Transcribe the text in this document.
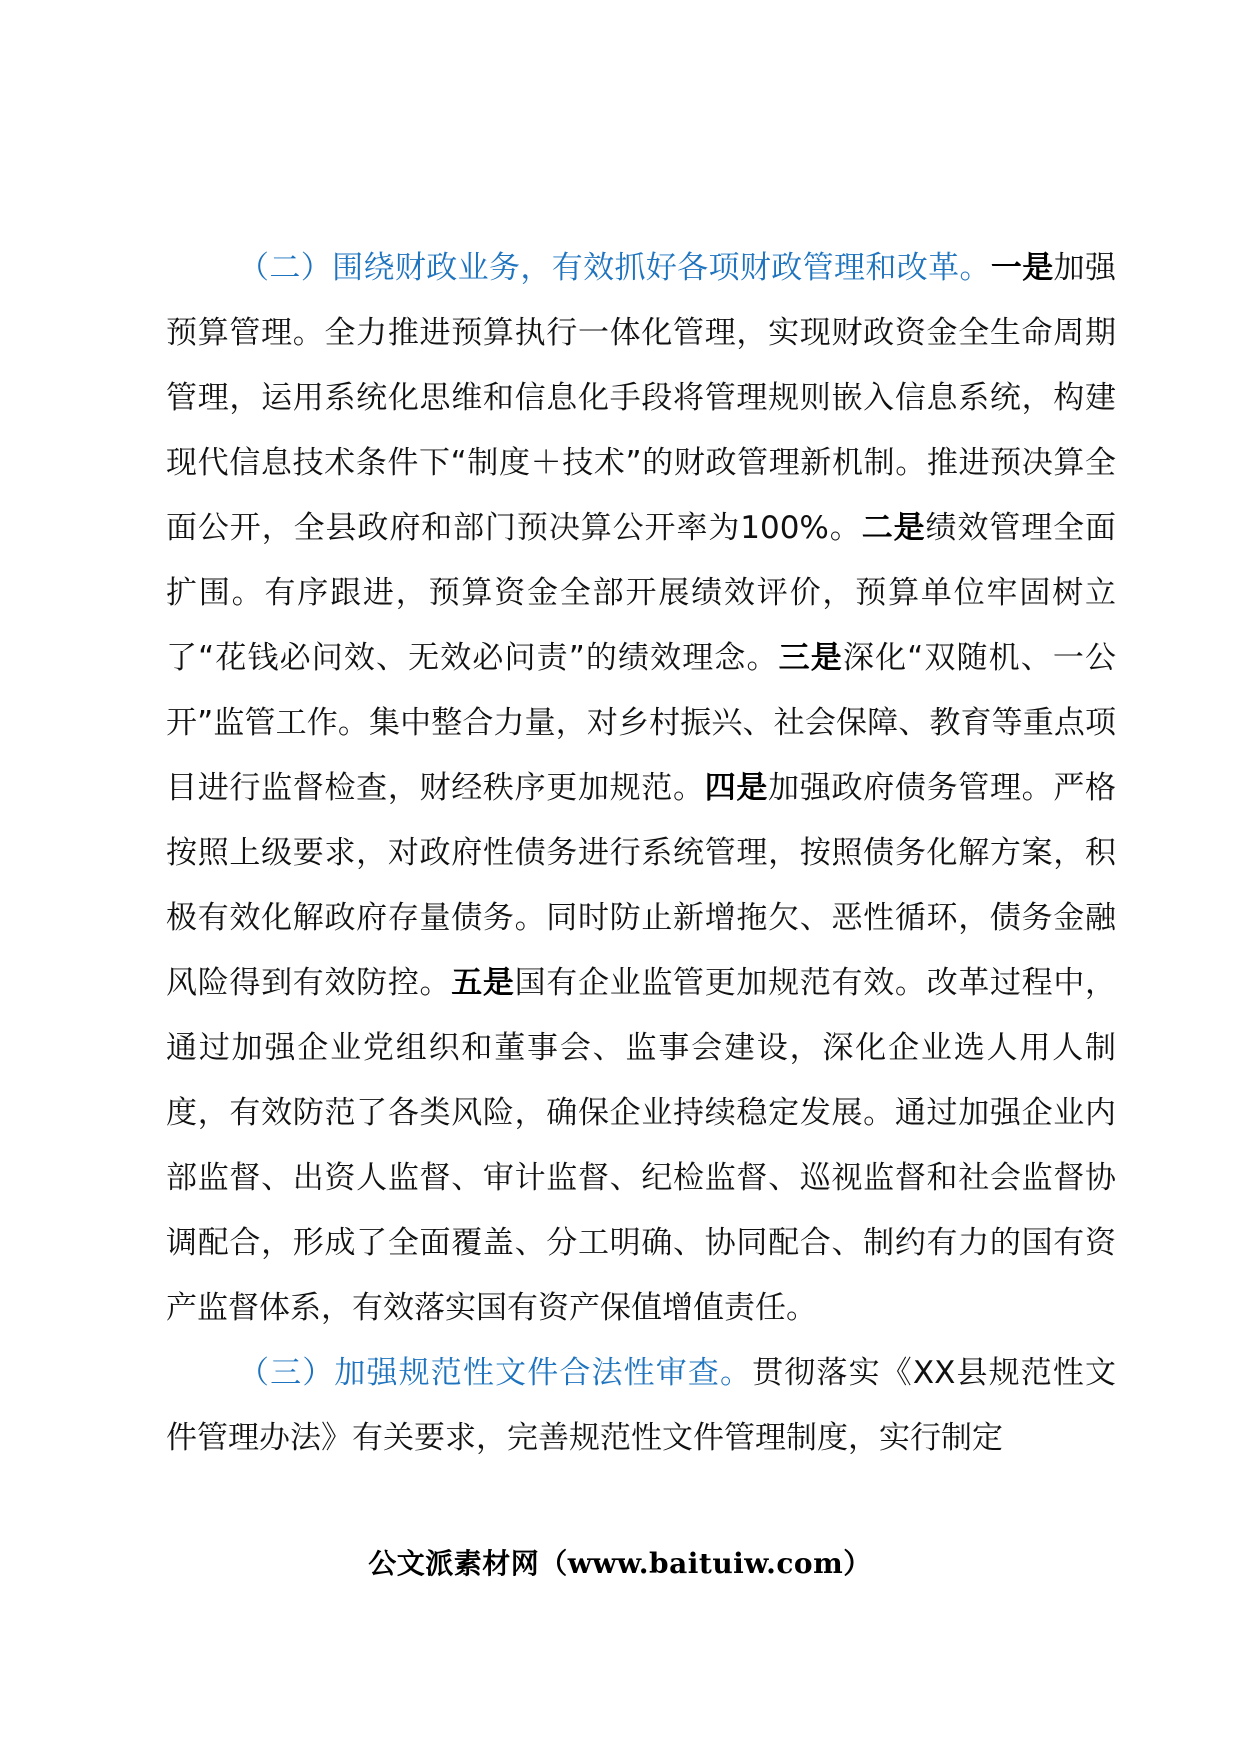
（二）围绕财政业务，有效抓好各项财政管理和改革。一是加强预算管理。全力推进预算执行一体化管理，实现财政资金全生命周期管理，运用系统化思维和信息化手段将管理规则嵌入信息系统，构建现代信息技术条件下“制度＋技术”的财政管理新机制。推进预决算全面公开，全县政府和部门预决算公开率为100%。二是绩效管理全面扩围。有序跟进，预算资金全部开展绩效评价，预算单位牢固树立了“花钱必问效、无效必问责”的绩效理念。三是深化“双随机、一公开”监管工作。集中整合力量，对乡村振兴、社会保障、教育等重点项目进行监督检查，财经秩序更加规范。四是加强政府债务管理。严格按照上级要求，对政府性债务进行系统管理，按照债务化解方案，积极有效化解政府存量债务。同时防止新增拖欠、恶性循环，债务金融风险得到有效防控。五是国有企业监管更加规范有效。改革过程中，通过加强企业党组织和董事会、监事会建设，深化企业选人用人制度，有效防范了各类风险，确保企业持续稳定发展。通过加强企业内部监督、出资人监督、审计监督、纪检监督、巡视监督和社会监督协调配合，形成了全面覆盖、分工明确、协同配合、制约有力的国有资产监督体系，有效落实国有资产保值增值责任。

（三）加强规范性文件合法性审查。贯彻落实《XX县规范性文件管理办法》有关要求，完善规范性文件管理制度，实行制定

公文派素材网（www.baituiw.com）
